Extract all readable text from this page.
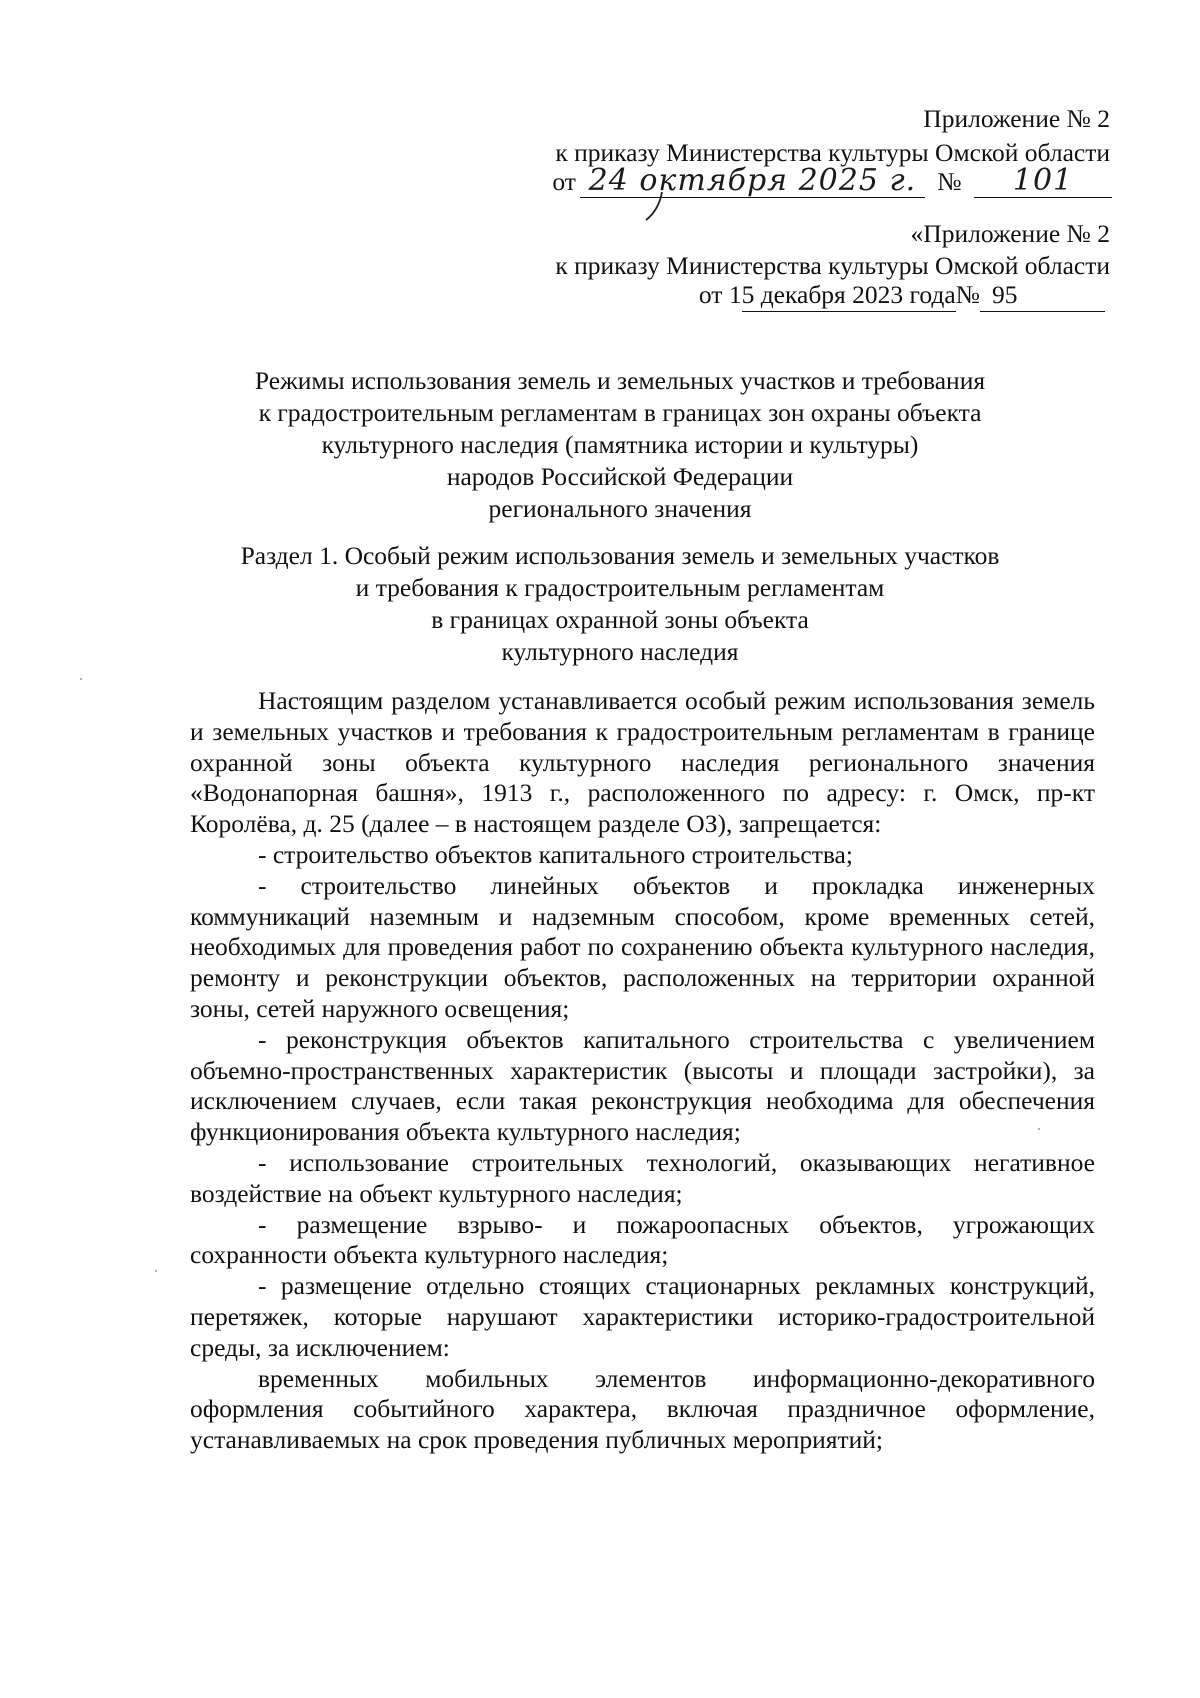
Приложение № 2
к приказу Министерства культуры Омской области
от 24 октября 2025 г. № 101
«Приложение № 2
к приказу Министерства культуры Омской области
от 15 декабря 2023 года№ 95
Режимы использования земель и земельных участков и требования
к градостроительным регламентам в границах зон охраны объекта
культурного наследия (памятника истории и культуры)
народов Российской Федерации
регионального значения
Раздел 1. Особый режим использования земель и земельных участков
и требования к градостроительным регламентам
в границах охранной зоны объекта
культурного наследия

Настоящим разделом устанавливается особый режим использования земель и земельных участков и требования к градостроительным регламентам в границе охранной зоны объекта культурного наследия регионального значения «Водонапорная башня», 1913 г., расположенного по адресу: г. Омск, пр-кт Королёва, д. 25 (далее – в настоящем разделе ОЗ), запрещается:

- строительство объектов капитального строительства;

- строительство линейных объектов и прокладка инженерных коммуникаций наземным и надземным способом, кроме временных сетей, необходимых для проведения работ по сохранению объекта культурного наследия, ремонту и реконструкции объектов, расположенных на территории охранной зоны, сетей наружного освещения;

- реконструкция объектов капитального строительства с увеличением объемно-пространственных характеристик (высоты и площади застройки), за исключением случаев, если такая реконструкция необходима для обеспечения функционирования объекта культурного наследия;

- использование строительных технологий, оказывающих негативное воздействие на объект культурного наследия;

- размещение взрыво- и пожароопасных объектов, угрожающих сохранности объекта культурного наследия;

- размещение отдельно стоящих стационарных рекламных конструкций, перетяжек, которые нарушают характеристики историко-градостроительной среды, за исключением:

временных мобильных элементов информационно-декоративного оформления событийного характера, включая праздничное оформление, устанавливаемых на срок проведения публичных мероприятий;
